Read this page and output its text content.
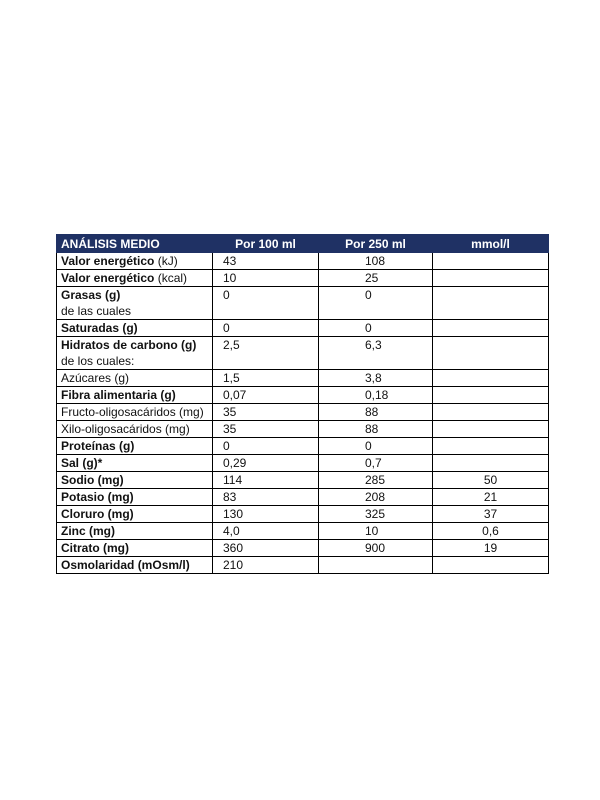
ANÁLISIS MEDIO	Por 100 ml	Por 250 ml	mmol/l
Valor energético (kJ)	43	108	
Valor energético (kcal)	10	25	
Grasas (g)
de las cuales	0	0	
Saturadas (g)	0	0	
Hidratos de carbono (g)
de los cuales:	2,5	6,3	
Azúcares (g)	1,5	3,8	
Fibra alimentaria (g)	0,07	0,18	
Fructo-oligosacáridos (mg)	35	88	
Xilo-oligosacáridos (mg)	35	88	
Proteínas (g)	0	0	
Sal (g)*	0,29	0,7	
Sodio (mg)	114	285	50
Potasio (mg)	83	208	21
Cloruro (mg)	130	325	37
Zinc (mg)	4,0	10	0,6
Citrato (mg)	360	900	19
Osmolaridad (mOsm/l)	210		
